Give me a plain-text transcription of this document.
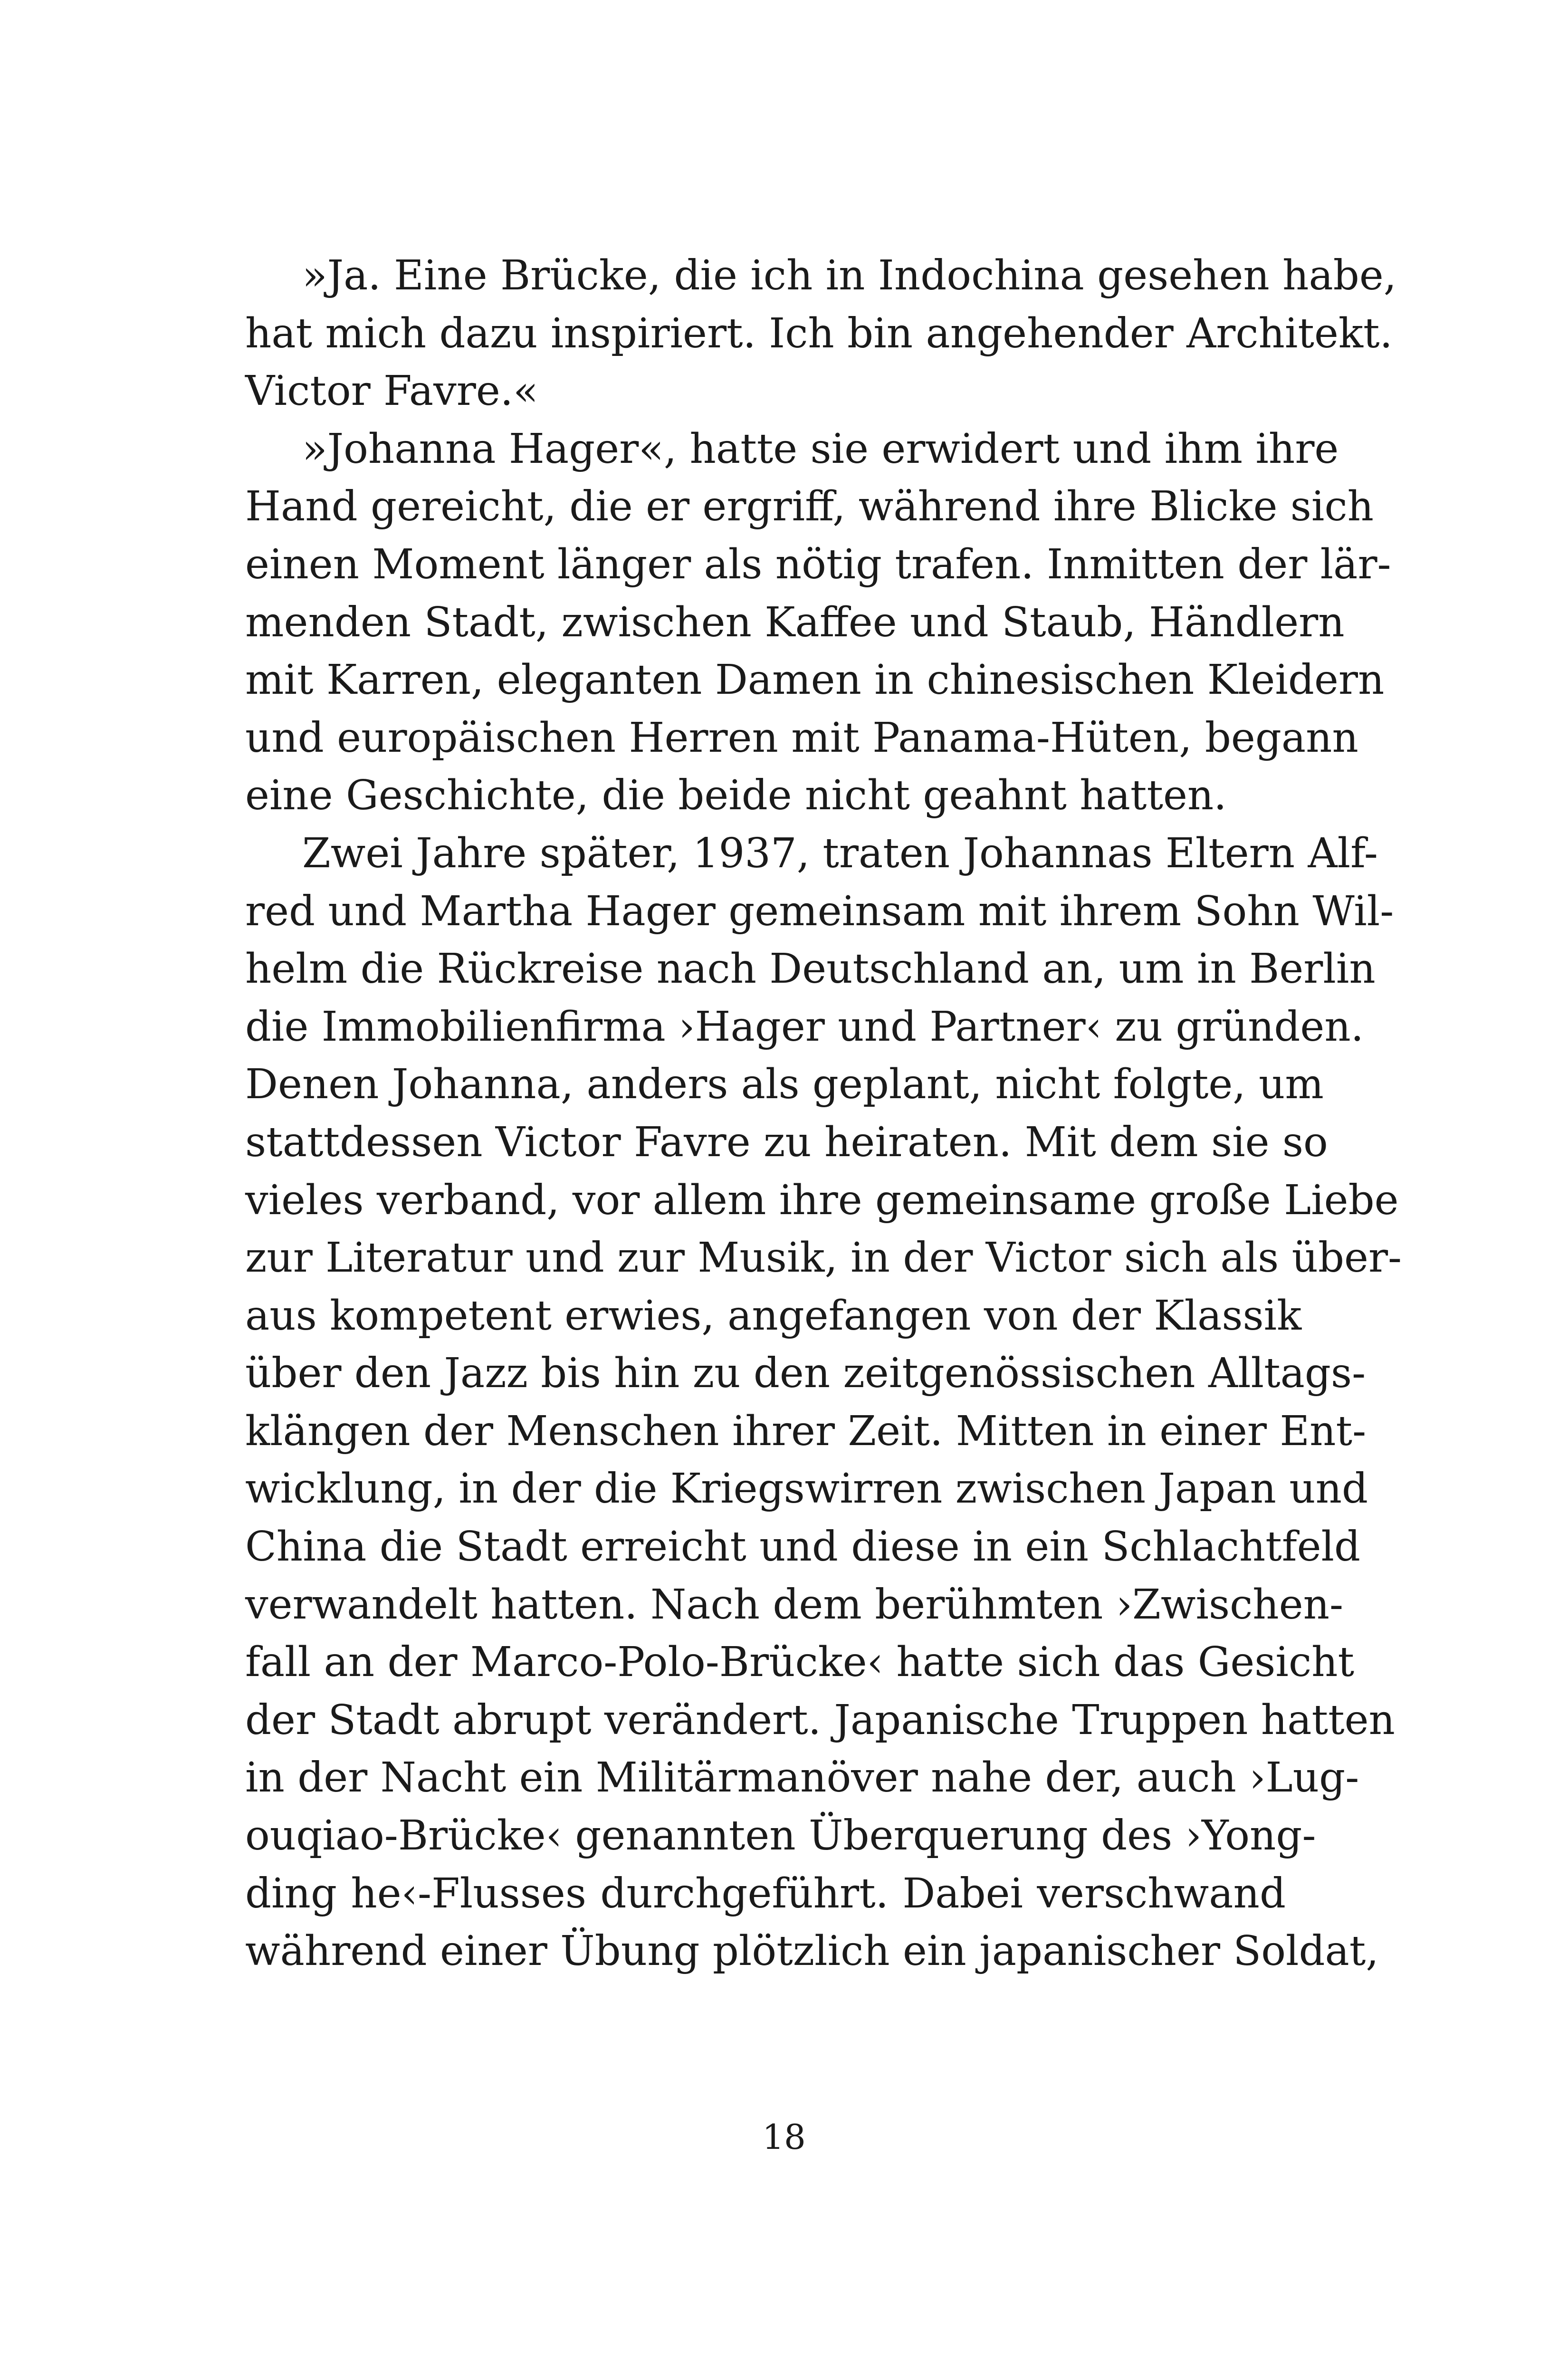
»Ja. Eine Brücke, die ich in Indochina gesehen habe,
hat mich dazu inspiriert. Ich bin angehender Architekt.
Victor Favre.«

»Johanna Hager«, hatte sie erwidert und ihm ihre
Hand gereicht, die er ergriff, während ihre Blicke sich
einen Moment länger als nötig trafen. Inmitten der lär-
menden Stadt, zwischen Kaffee und Staub, Händlern
mit Karren, eleganten Damen in chinesischen Kleidern
und europäischen Herren mit Panama-Hüten, begann
eine Geschichte, die beide nicht geahnt hatten.

Zwei Jahre später, 1937, traten Johannas Eltern Alf-
red und Martha Hager gemeinsam mit ihrem Sohn Wil-
helm die Rückreise nach Deutschland an, um in Berlin
die Immobilienfirma ›Hager und Partner‹ zu gründen.
Denen Johanna, anders als geplant, nicht folgte, um
stattdessen Victor Favre zu heiraten. Mit dem sie so
vieles verband, vor allem ihre gemeinsame große Liebe
zur Literatur und zur Musik, in der Victor sich als über-
aus kompetent erwies, angefangen von der Klassik
über den Jazz bis hin zu den zeitgenössischen Alltags-
klängen der Menschen ihrer Zeit. Mitten in einer Ent-
wicklung, in der die Kriegswirren zwischen Japan und
China die Stadt erreicht und diese in ein Schlachtfeld
verwandelt hatten. Nach dem berühmten ›Zwischen-
fall an der Marco-Polo-Brücke‹ hatte sich das Gesicht
der Stadt abrupt verändert. Japanische Truppen hatten
in der Nacht ein Militärmanöver nahe der, auch ›Lug-
ouqiao-Brücke‹ genannten Überquerung des ›Yong-
ding he‹-Flusses durchgeführt. Dabei verschwand
während einer Übung plötzlich ein japanischer Soldat,

18
